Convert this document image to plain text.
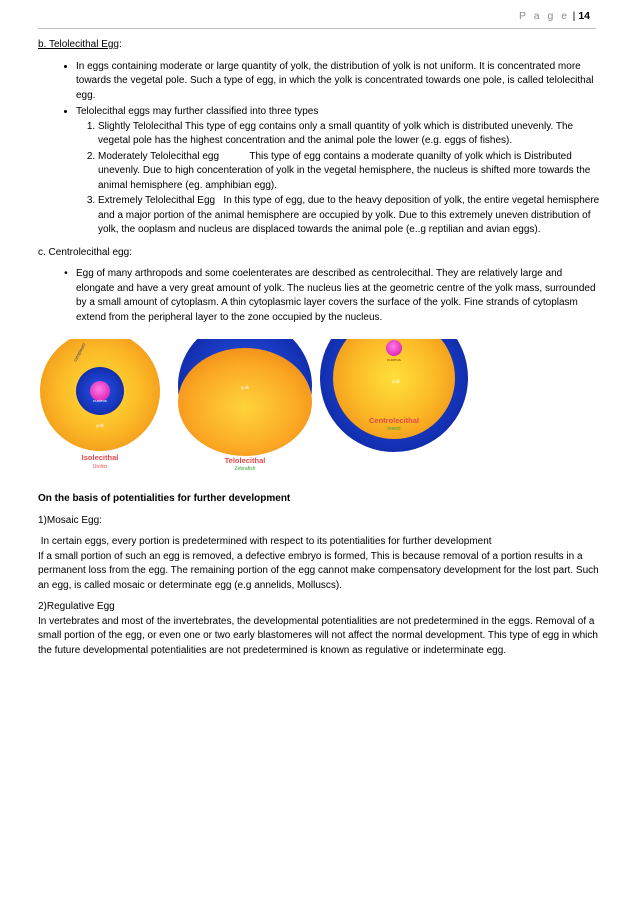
P a g e | 14

b. Telolecithal Egg:

• In eggs containing moderate or large quantity of yolk, the distribution of yolk is not uniform. It is concentrated more towards the vegetal pole. Such a type of egg, in which the yolk is concentrated towards one pole, is called telolecithal egg.
• Telolecithal eggs may further classified into three types
1. Slightly Telolecithal This type of egg contains only a small quantity of yolk which is distributed unevenly. The vegetal pole has the highest concentration and the animal pole the lower (e.g. eggs of fishes).
2. Moderately Telolecithal egg           This type of egg contains a moderate quanilty of yolk which is Distributed unevenly. Due to high concenteration of yolk in the vegetal hemisphere, the nucleus is shifted more towards the animal hemisphere (eg. amphibian egg).
3. Extremely Telolecithal Egg   In this type of egg, due to the heavy deposition of yolk, the entire vegetal hemisphere and a major portion of the animal hemisphere are occupied by yolk. Due to this extremely uneven distribution of yolk, the ooplasm and nucleus are displaced towards the animal pole (e..g reptilian and avian eggs).

c. Centrolecithal egg:

• Egg of many arthropods and some coelenterates are described as centrolecithal. They are relatively large and elongate and have a very great amount of yolk. The nucleus lies at the geometric centre of the yolk mass, surrounded by a small amount of cytoplasm. A thin cytoplasmic layer covers the surface of the yolk. Fine strands of cytoplasm extend from the peripheral layer to the zone occupied by the nucleus.
cytoplasm
nucleus
yolk
Isolecithal
Urchin
yolk
Telolecithal
Zebrafish
nucleus
yolk
Centrolecithal
Insect

On the basis of potentialities for further development

1)Mosaic Egg:

In certain eggs, every portion is predetermined with respect to its potentialities for further development

If a small portion of such an egg is removed, a defective embryo is formed, This is because removal of a portion results in a permanent loss from the egg. The remaining portion of the egg cannot make compensatory development for the lost part. Such an egg, is called mosaic or determinate egg (e.g annelids, Molluscs).

2)Regulative Egg

In vertebrates and most of the invertebrates, the developmental potentialities are not predetermined in the eggs. Removal of a small portion of the egg, or even one or two early blastomeres will not affect the normal development. This type of egg in which the future developmental potentialities are not predetermined is known as regulative or indeterminate egg.
